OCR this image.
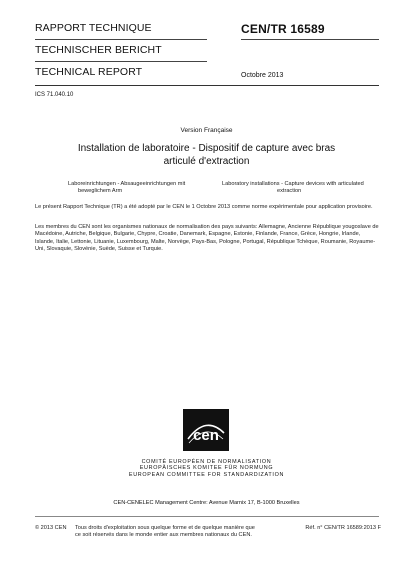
RAPPORT TECHNIQUE
TECHNISCHER BERICHT
TECHNICAL REPORT
CEN/TR 16589
Octobre 2013
ICS 71.040.10
Version Française
Installation de laboratoire - Dispositif de capture avec bras
articulé d'extraction
Laboreinrichtungen - Absaugeeinrichtungen mit
beweglichem Arm
Laboratory installations - Capture devices with articulated
extraction
Le présent Rapport Technique (TR) a été adopté par le CEN le 1 Octobre 2013 comme norme expérimentale pour application provisoire.
Les membres du CEN sont les organismes nationaux de normalisation des pays suivants: Allemagne, Ancienne République yougoslave de Macédoine, Autriche, Belgique, Bulgarie, Chypre, Croatie, Danemark, Espagne, Estonie, Finlande, France, Grèce, Hongrie, Irlande, Islande, Italie, Lettonie, Lituanie, Luxembourg, Malte, Norvège, Pays-Bas, Pologne, Portugal, République Tchèque, Roumanie, Royaume-Uni, Slovaquie, Slovénie, Suède, Suisse et Turquie.
cen
COMITÉ EUROPÉEN DE NORMALISATION
EUROPÄISCHES KOMITEE FÜR NORMUNG
EUROPEAN COMMITTEE FOR STANDARDIZATION
CEN-CENELEC Management Centre: Avenue Marnix 17, B-1000 Bruxelles
© 2013 CEN Tous droits d'exploitation sous quelque forme et de quelque manière que
ce soit réservés dans le monde entier aux membres nationaux du CEN.
Réf. n° CEN/TR 16589:2013 F
